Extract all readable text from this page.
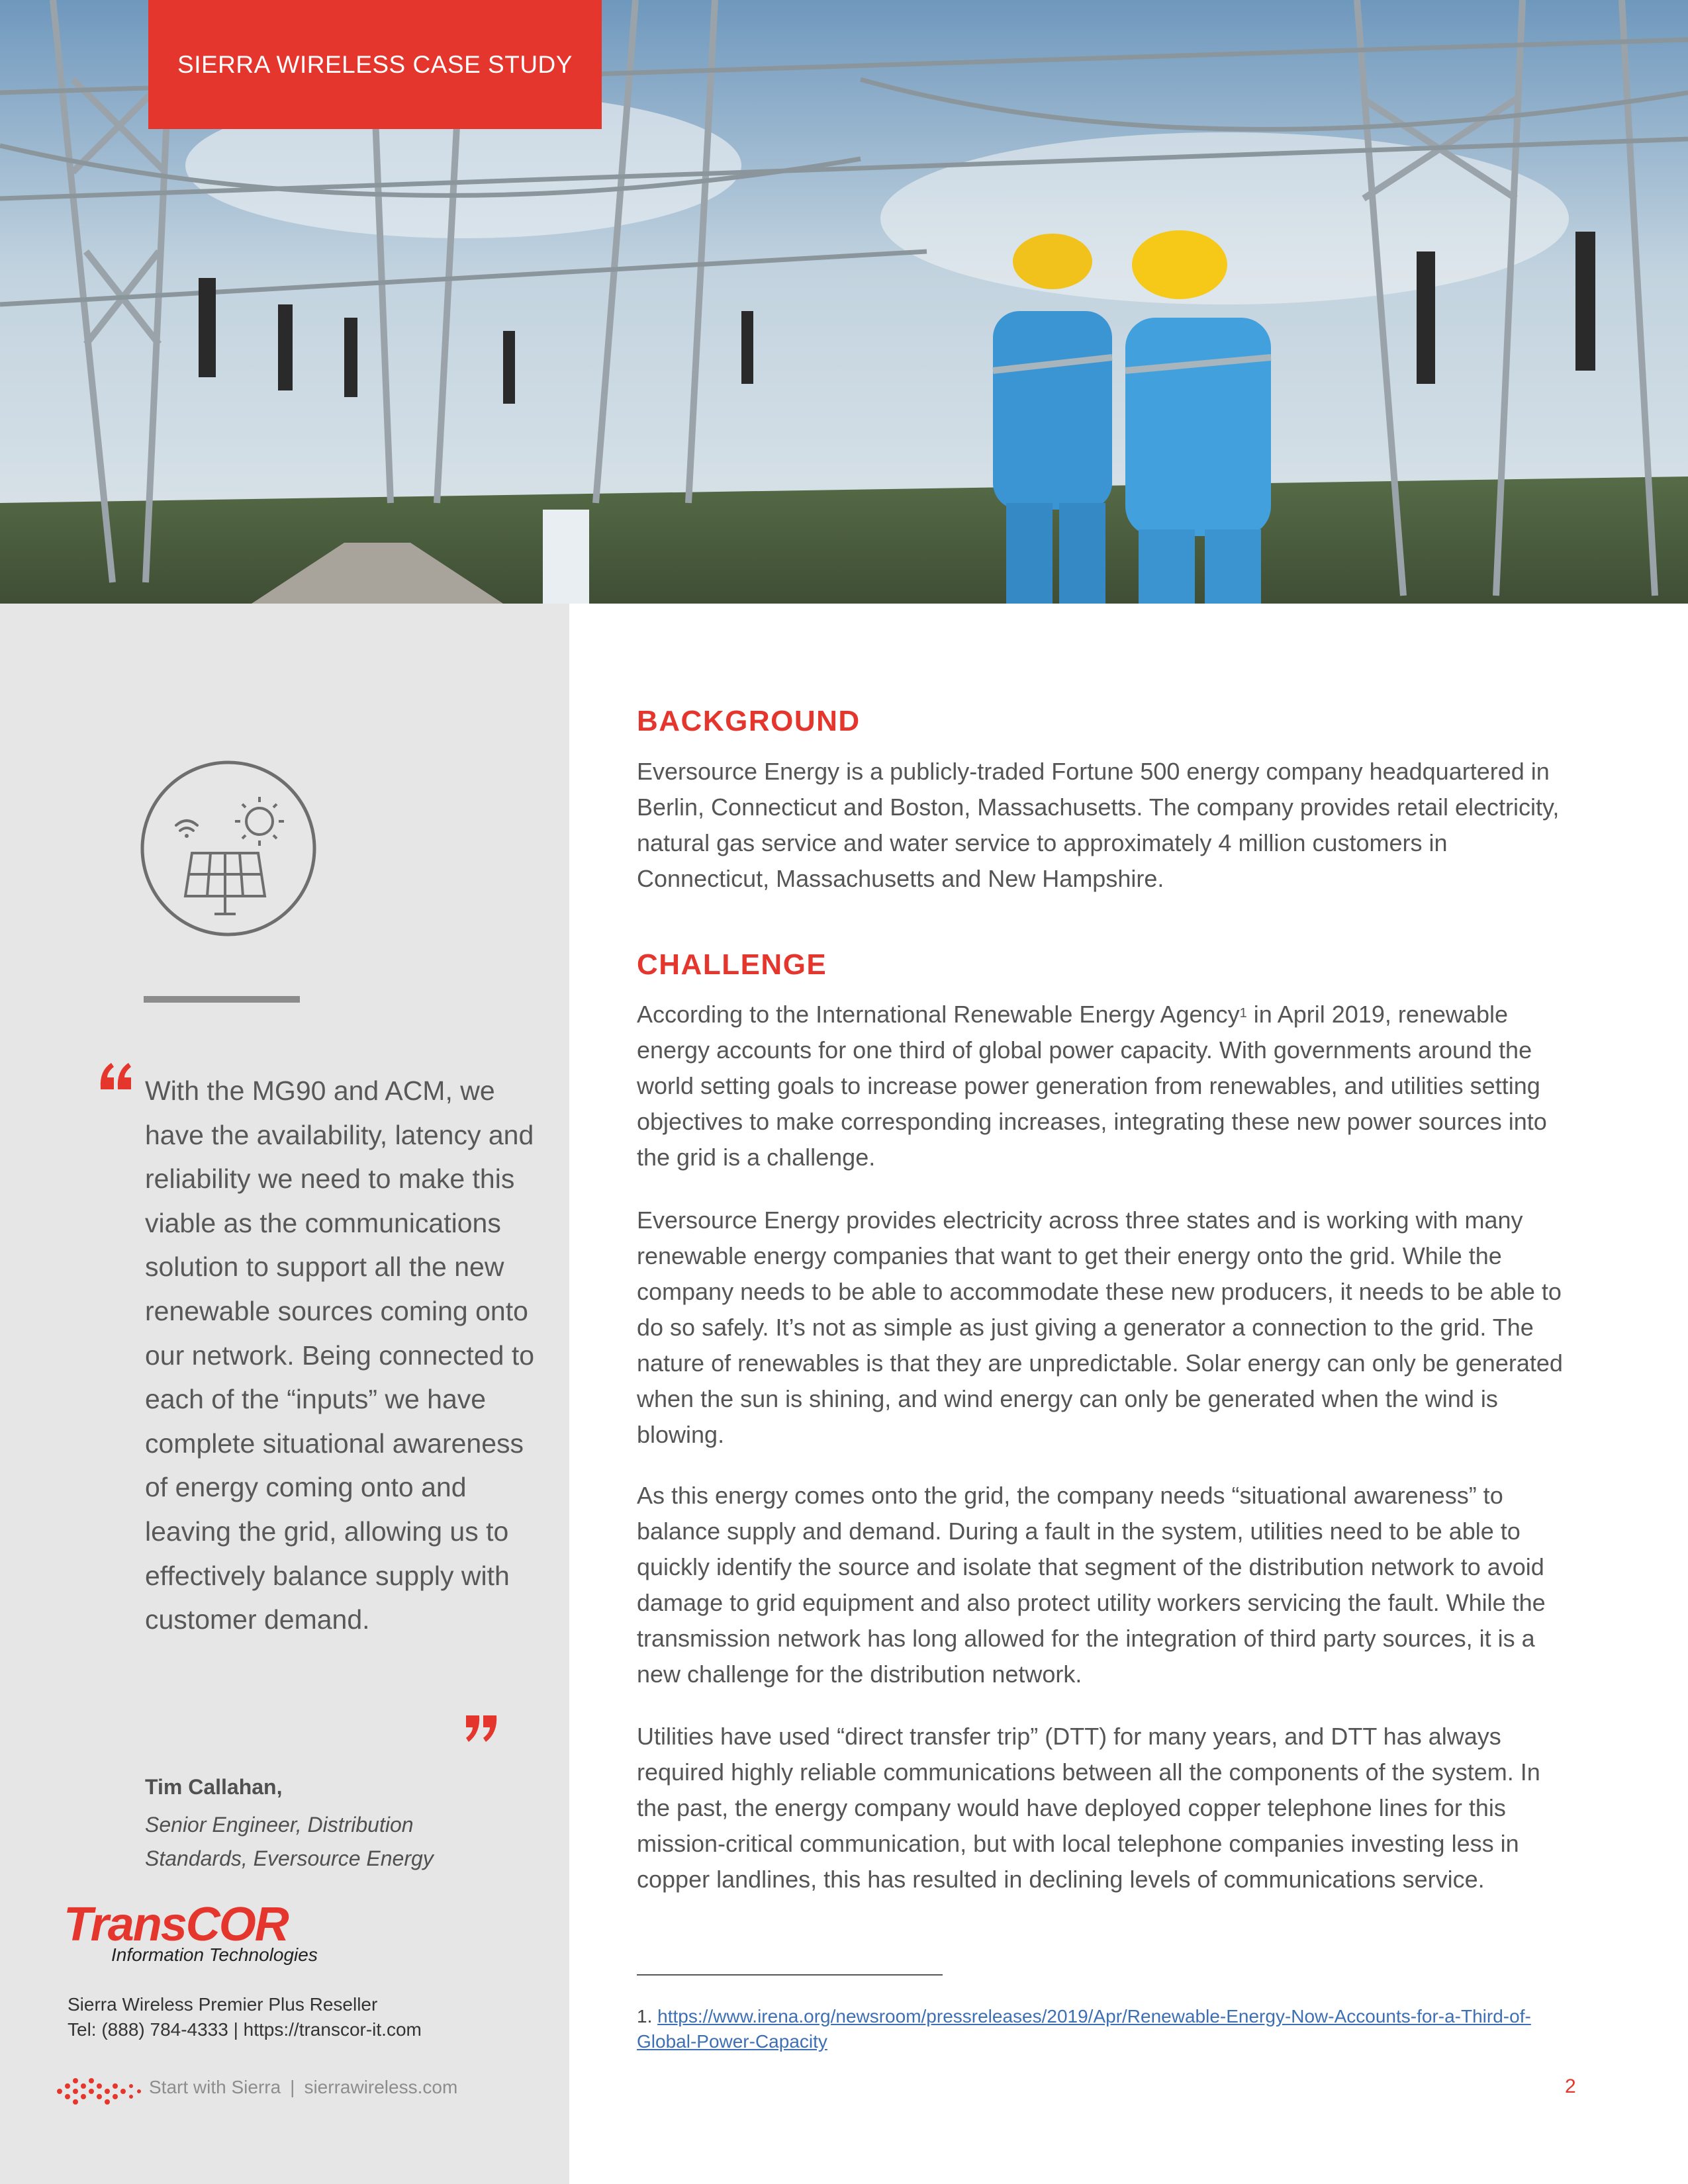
SIERRA WIRELESS CASE STUDY

With the MG90 and ACM, we have the availability, latency and reliability we need to make this viable as the communications solution to support all the new renewable sources coming onto our network. Being connected to each of the “inputs” we have complete situational awareness of energy coming onto and leaving the grid, allowing us to effectively balance supply with customer demand.

Tim Callahan,
Senior Engineer, Distribution Standards, Eversource Energy
TransCOR
Information Technologies
Sierra Wireless Premier Plus Reseller
Tel: (888) 784-4333 | https://transcor-it.com
Start with Sierra | sierrawireless.com
BACKGROUND

Eversource Energy is a publicly-traded Fortune 500 energy company headquartered in Berlin, Connecticut and Boston, Massachusetts. The company provides retail electricity, natural gas service and water service to approximately 4 million customers in Connecticut, Massachusetts and New Hampshire.

CHALLENGE

According to the International Renewable Energy Agency$^1$ in April 2019, renewable energy accounts for one third of global power capacity. With governments around the world setting goals to increase power generation from renewables, and utilities setting objectives to make corresponding increases, integrating these new power sources into the grid is a challenge.

Eversource Energy provides electricity across three states and is working with many renewable energy companies that want to get their energy onto the grid. While the company needs to be able to accommodate these new producers, it needs to be able to do so safely. It’s not as simple as just giving a generator a connection to the grid. The nature of renewables is that they are unpredictable. Solar energy can only be generated when the sun is shining, and wind energy can only be generated when the wind is blowing.

As this energy comes onto the grid, the company needs “situational awareness” to balance supply and demand. During a fault in the system, utilities need to be able to quickly identify the source and isolate that segment of the distribution network to avoid damage to grid equipment and also protect utility workers servicing the fault. While the transmission network has long allowed for the integration of third party sources, it is a new challenge for the distribution network.

Utilities have used “direct transfer trip” (DTT) for many years, and DTT has always required highly reliable communications between all the components of the system. In the past, the energy company would have deployed copper telephone lines for this mission-critical communication, but with local telephone companies investing less in copper landlines, this has resulted in declining levels of communications service.

1. https://www.irena.org/newsroom/pressreleases/2019/Apr/Renewable-Energy-Now-Accounts-for-a-Third-of-Global-Power-Capacity
2
